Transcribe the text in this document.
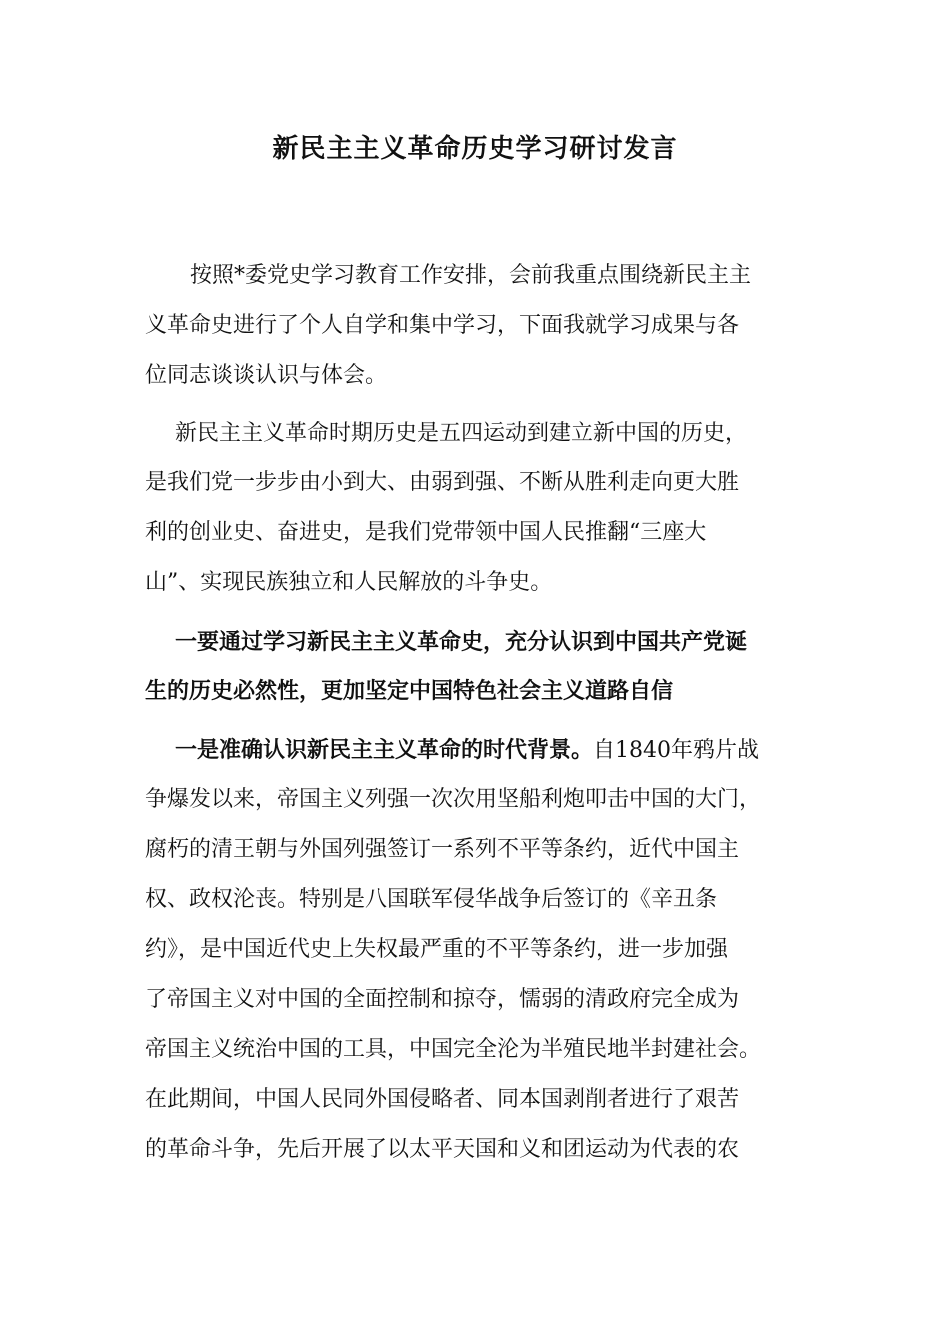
新民主主义革命历史学习研讨发言
按照*委党史学习教育工作安排，会前我重点围绕新民主主
义革命史进行了个人自学和集中学习，下面我就学习成果与各
位同志谈谈认识与体会。
新民主主义革命时期历史是五四运动到建立新中国的历史，
是我们党一步步由小到大、由弱到强、不断从胜利走向更大胜
利的创业史、奋进史，是我们党带领中国人民推翻“三座大
山”、实现民族独立和人民解放的斗争史。
一要通过学习新民主主义革命史，充分认识到中国共产党诞
生的历史必然性，更加坚定中国特色社会主义道路自信
一是准确认识新民主主义革命的时代背景。自1840年鸦片战
争爆发以来，帝国主义列强一次次用坚船利炮叩击中国的大门，
腐朽的清王朝与外国列强签订一系列不平等条约，近代中国主
权、政权沦丧。特别是八国联军侵华战争后签订的《辛丑条
约》，是中国近代史上失权最严重的不平等条约，进一步加强
了帝国主义对中国的全面控制和掠夺，懦弱的清政府完全成为
帝国主义统治中国的工具，中国完全沦为半殖民地半封建社会。
在此期间，中国人民同外国侵略者、同本国剥削者进行了艰苦
的革命斗争，先后开展了以太平天国和义和团运动为代表的农
